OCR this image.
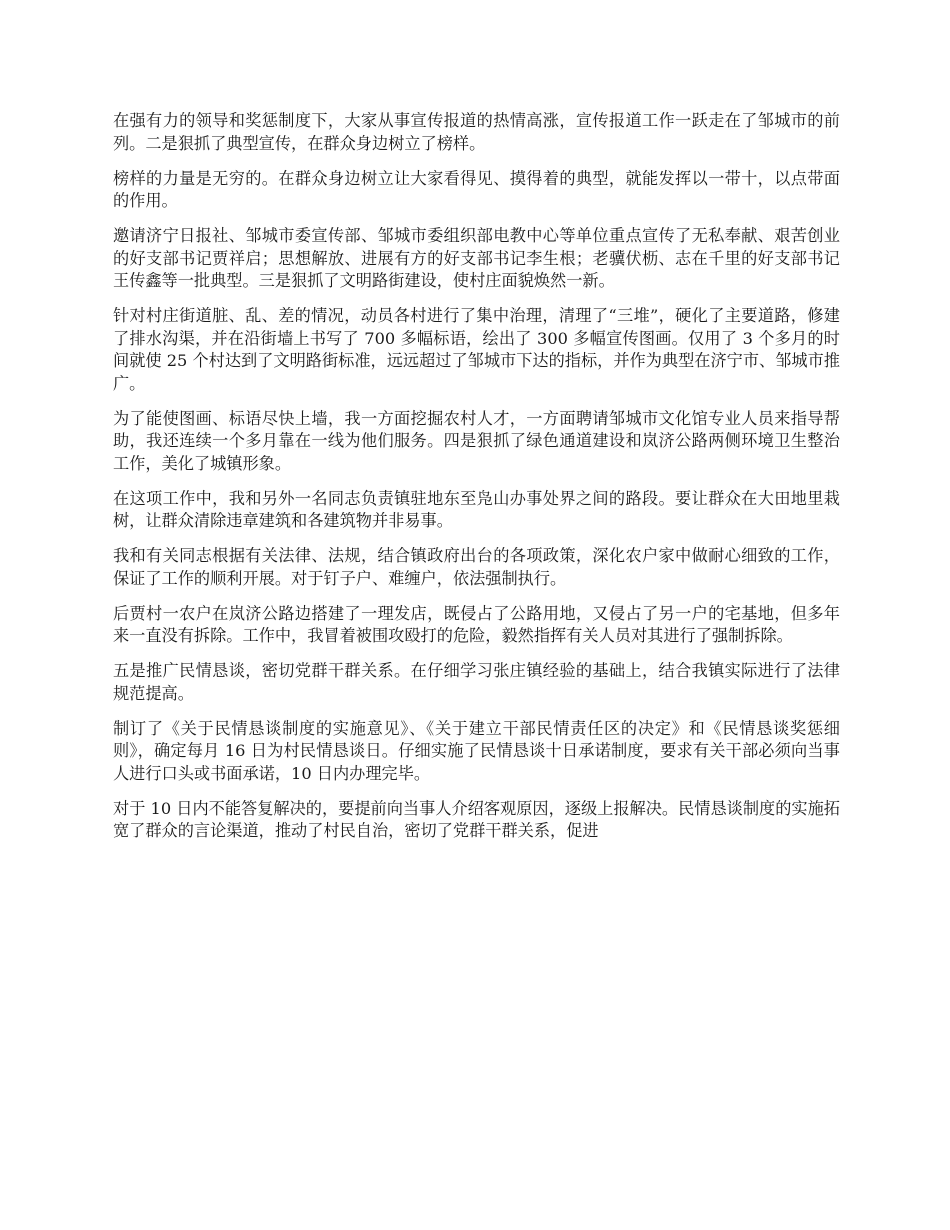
在强有力的领导和奖惩制度下，大家从事宣传报道的热情高涨，宣传报道工作一跃走在了邹城市的前列。二是狠抓了典型宣传，在群众身边树立了榜样。

榜样的力量是无穷的。在群众身边树立让大家看得见、摸得着的典型，就能发挥以一带十，以点带面的作用。

邀请济宁日报社、邹城市委宣传部、邹城市委组织部电教中心等单位重点宣传了无私奉献、艰苦创业的好支部书记贾祥启；思想解放、进展有方的好支部书记李生根；老骥伏枥、志在千里的好支部书记王传鑫等一批典型。三是狠抓了文明路街建设，使村庄面貌焕然一新。

针对村庄街道脏、乱、差的情况，动员各村进行了集中治理，清理了“三堆”，硬化了主要道路，修建了排水沟渠，并在沿街墙上书写了 700 多幅标语，绘出了 300 多幅宣传图画。仅用了 3 个多月的时间就使 25 个村达到了文明路街标准，远远超过了邹城市下达的指标，并作为典型在济宁市、邹城市推广。

为了能使图画、标语尽快上墙，我一方面挖掘农村人才，一方面聘请邹城市文化馆专业人员来指导帮助，我还连续一个多月靠在一线为他们服务。四是狠抓了绿色通道建设和岚济公路两侧环境卫生整治工作，美化了城镇形象。

在这项工作中，我和另外一名同志负责镇驻地东至凫山办事处界之间的路段。要让群众在大田地里栽树，让群众清除违章建筑和各建筑物并非易事。

我和有关同志根据有关法律、法规，结合镇政府出台的各项政策，深化农户家中做耐心细致的工作，保证了工作的顺利开展。对于钉子户、难缠户，依法强制执行。

后贾村一农户在岚济公路边搭建了一理发店，既侵占了公路用地，又侵占了另一户的宅基地，但多年来一直没有拆除。工作中，我冒着被围攻殴打的危险，毅然指挥有关人员对其进行了强制拆除。

五是推广民情恳谈，密切党群干群关系。在仔细学习张庄镇经验的基础上，结合我镇实际进行了法律规范提高。

制订了《关于民情恳谈制度的实施意见》、《关于建立干部民情责任区的决定》和《民情恳谈奖惩细则》，确定每月 16 日为村民情恳谈日。仔细实施了民情恳谈十日承诺制度，要求有关干部必须向当事人进行口头或书面承诺，10 日内办理完毕。

对于 10 日内不能答复解决的，要提前向当事人介绍客观原因，逐级上报解决。民情恳谈制度的实施拓宽了群众的言论渠道，推动了村民自治，密切了党群干群关系，促进
